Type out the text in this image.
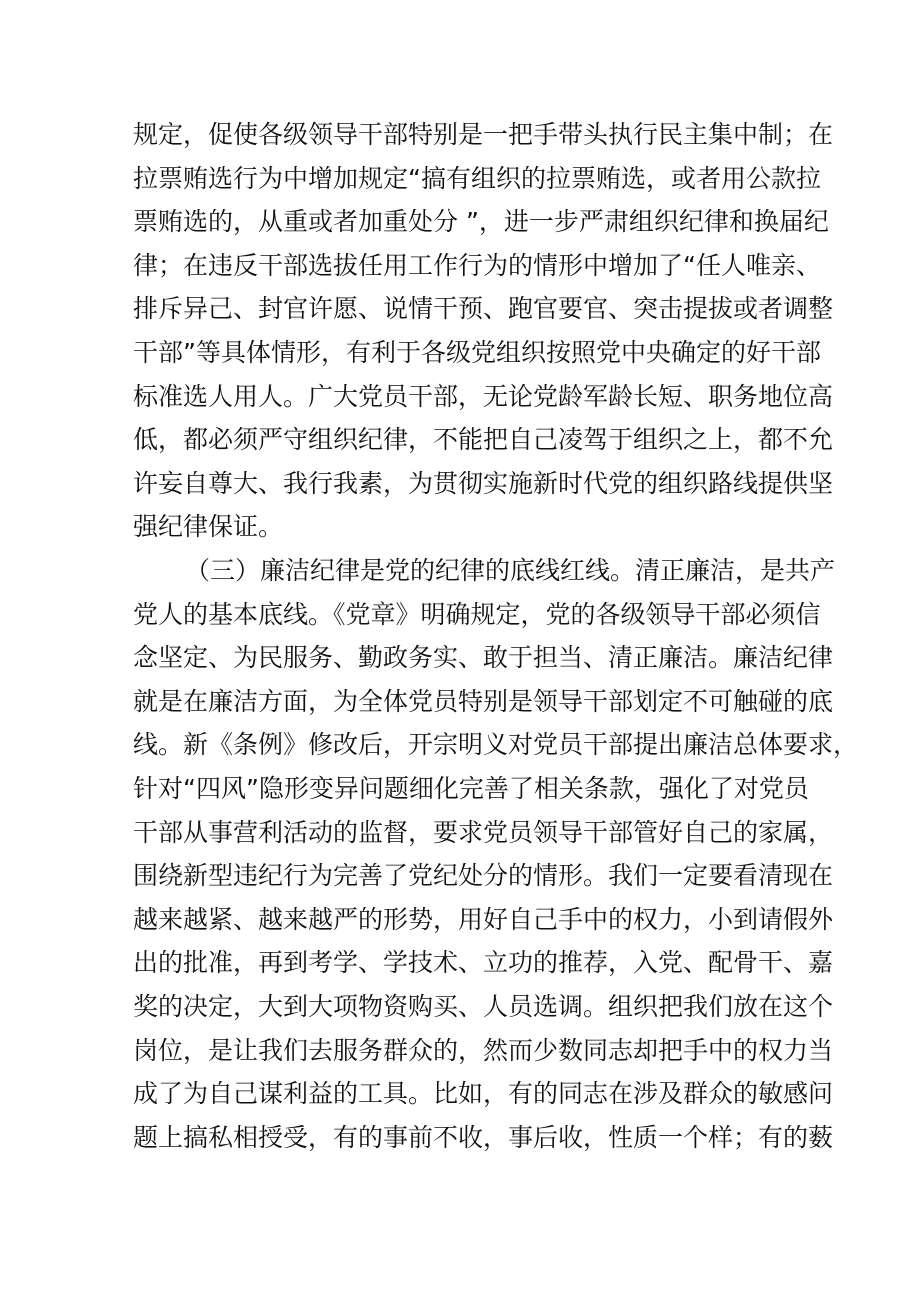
规定，促使各级领导干部特别是一把手带头执行民主集中制；在
拉票贿选行为中增加规定“搞有组织的拉票贿选，或者用公款拉
票贿选的，从重或者加重处分 ”，进一步严肃组织纪律和换届纪
律；在违反干部选拔任用工作行为的情形中增加了“任人唯亲、
排斥异己、封官许愿、说情干预、跑官要官、突击提拔或者调整
干部”等具体情形，有利于各级党组织按照党中央确定的好干部
标准选人用人。广大党员干部，无论党龄军龄长短、职务地位高
低，都必须严守组织纪律，不能把自己凌驾于组织之上，都不允
许妄自尊大、我行我素，为贯彻实施新时代党的组织路线提供坚
强纪律保证。
（三）廉洁纪律是党的纪律的底线红线。清正廉洁，是共产
党人的基本底线。《党章》明确规定，党的各级领导干部必须信
念坚定、为民服务、勤政务实、敢于担当、清正廉洁。廉洁纪律
就是在廉洁方面，为全体党员特别是领导干部划定不可触碰的底
线。新《条例》修改后，开宗明义对党员干部提出廉洁总体要求，
针对“四风”隐形变异问题细化完善了相关条款，强化了对党员
干部从事营利活动的监督，要求党员领导干部管好自己的家属，
围绕新型违纪行为完善了党纪处分的情形。我们一定要看清现在
越来越紧、越来越严的形势，用好自己手中的权力，小到请假外
出的批准，再到考学、学技术、立功的推荐，入党、配骨干、嘉
奖的决定，大到大项物资购买、人员选调。组织把我们放在这个
岗位，是让我们去服务群众的，然而少数同志却把手中的权力当
成了为自己谋利益的工具。比如，有的同志在涉及群众的敏感问
题上搞私相授受，有的事前不收，事后收，性质一个样；有的薮
